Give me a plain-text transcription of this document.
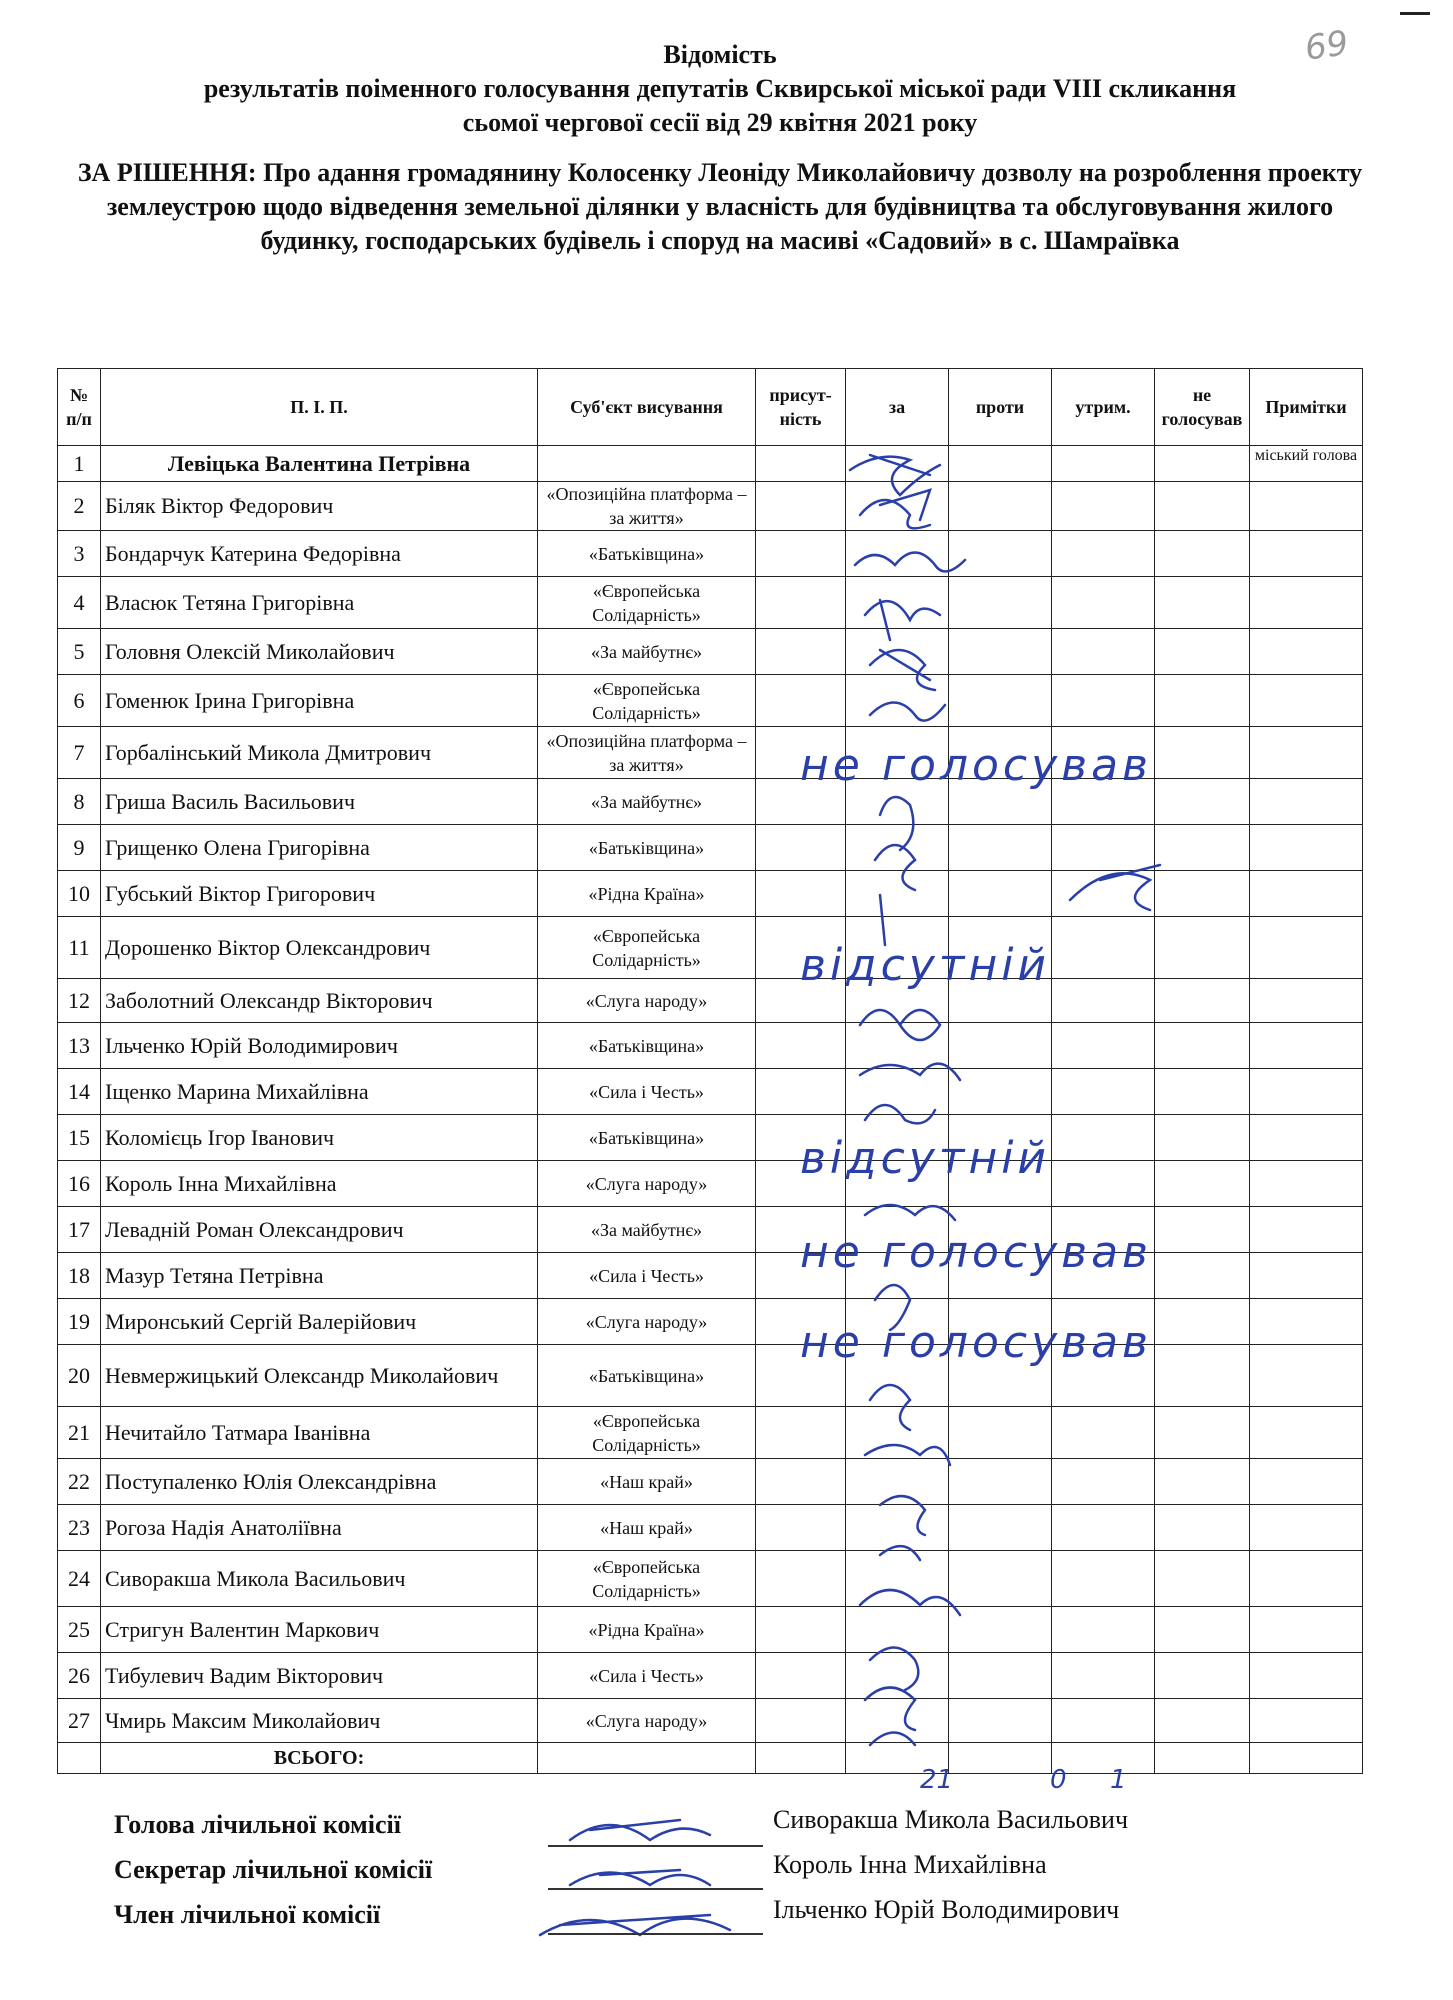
69
Відомість
результатів поіменного голосування депутатів Сквирської міської ради VIII скликання
сьомої чергової сесії від 29 квітня 2021 року
ЗА РІШЕННЯ: Про адання громадянину Колосенку Леоніду Миколайовичу дозволу на розроблення проекту землеустрою щодо відведення земельної ділянки у власність для будівництва та обслуговування жилого будинку, господарських будівель і споруд на масиві «Садовий» в с. Шамраївка
№ п/п	П. І. П.	Суб'єкт висування	присут-ність	за	проти	утрим.	не голосував	Примітки
1	Левіцька Валентина Петрівна							міський голова
2	Біляк Віктор Федорович	«Опозиційна платформа – за життя»						
3	Бондарчук Катерина Федорівна	«Батьківщина»						
4	Власюк Тетяна Григорівна	«Європейська Солідарність»						
5	Головня Олексій Миколайович	«За майбутнє»						
6	Гоменюк Ірина Григорівна	«Європейська Солідарність»						
7	Горбалінський Микола Дмитрович	«Опозиційна платформа – за життя»						
8	Гриша Василь Васильович	«За майбутнє»						
9	Грищенко Олена Григорівна	«Батьківщина»						
10	Губський Віктор Григорович	«Рідна Країна»						
11	Дорошенко Віктор Олександрович	«Європейська Солідарність»						
12	Заболотний Олександр Вікторович	«Слуга народу»						
13	Ільченко Юрій Володимирович	«Батьківщина»						
14	Іщенко Марина Михайлівна	«Сила і Честь»						
15	Коломієць Ігор Іванович	«Батьківщина»						
16	Король Інна Михайлівна	«Слуга народу»						
17	Левадній Роман Олександрович	«За майбутнє»						
18	Мазур Тетяна Петрівна	«Сила і Честь»						
19	Миронський Сергій Валерійович	«Слуга народу»						
20	Невмержицький Олександр Миколайович	«Батьківщина»						
21	Нечитайло Татмара Іванівна	«Європейська Солідарність»						
22	Поступаленко Юлія Олександрівна	«Наш край»						
23	Рогоза Надія Анатоліївна	«Наш край»						
24	Сиворакша Микола Васильович	«Європейська Солідарність»						
25	Стригун Валентин Маркович	«Рідна Країна»						
26	Тибулевич Вадим Вікторович	«Сила і Честь»						
27	Чмирь Максим Миколайович	«Слуга народу»						
	ВСЬОГО:							
не голосував
відсутній
відсутній
не голосував
не голосував
21	0 1
Голова лічильної комісії	Сиворакша Микола Васильович
Секретар лічильної комісії	Король Інна Михайлівна
Член лічильної комісії	Ільченко Юрій Володимирович
